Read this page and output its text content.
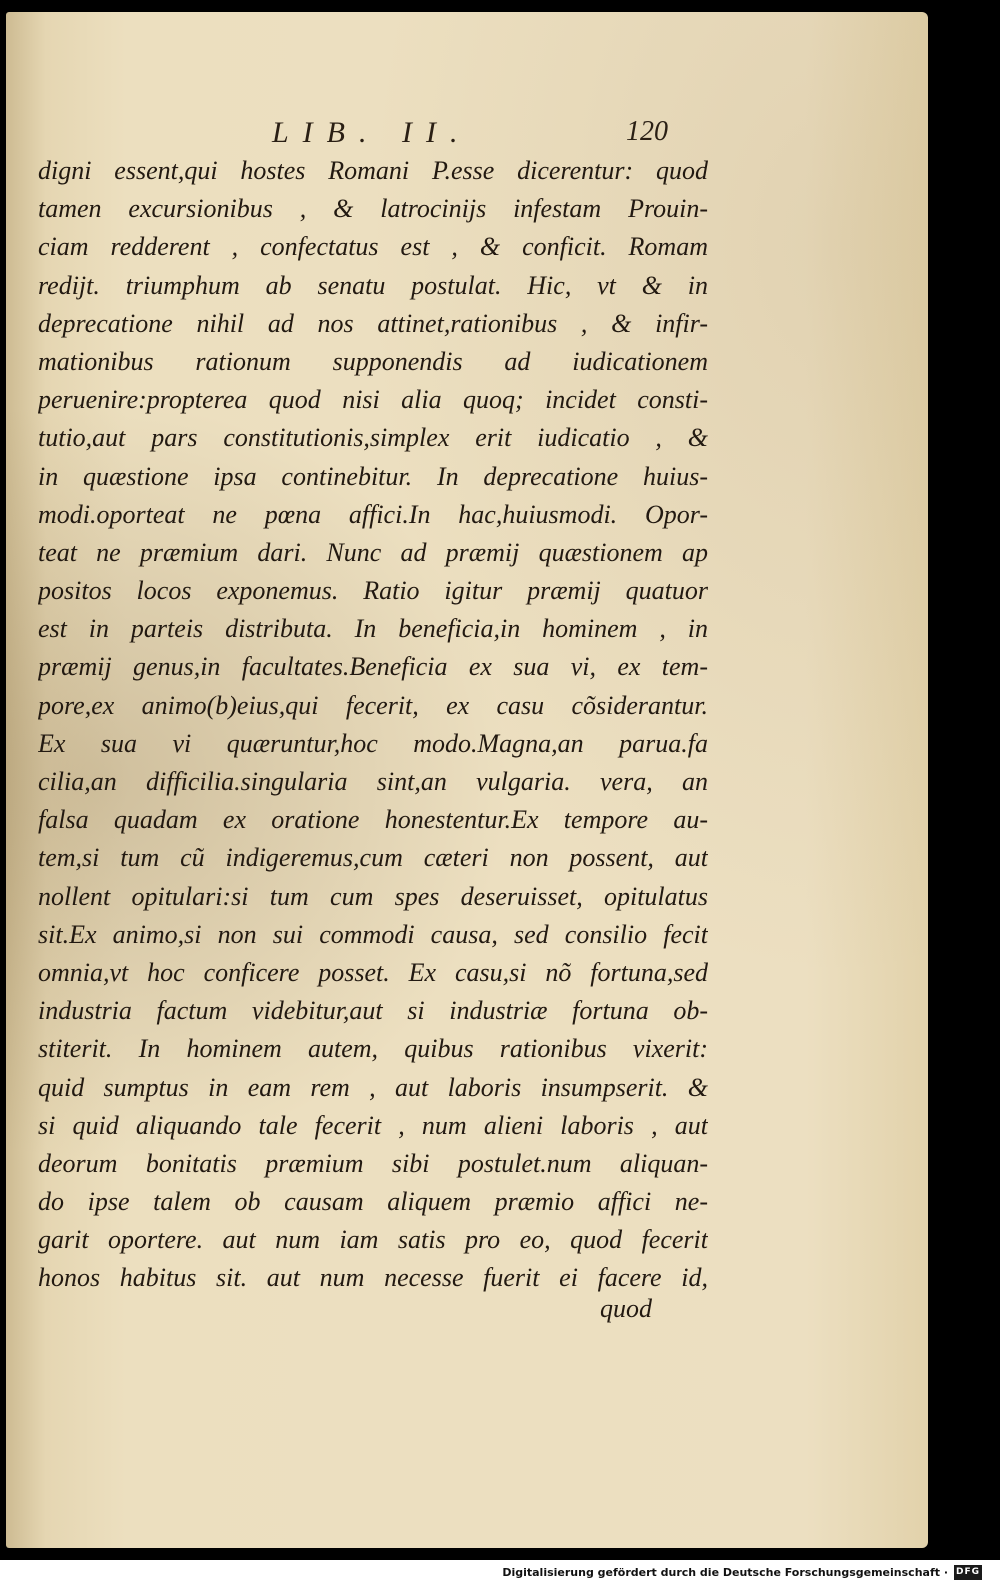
LIB. II.	120
digni essent,qui hostes Romani P.esse dicerentur: quod
tamen excursionibus , & latrocinijs infestam Prouin-
ciam redderent , confectatus est , & conficit. Romam
redijt. triumphum ab senatu postulat. Hic, vt & in
deprecatione nihil ad nos attinet,rationibus , & infir-
mationibus rationum supponendis ad iudicationem
peruenire:propterea quod nisi alia quoq; incidet consti-
tutio,aut pars constitutionis,simplex erit iudicatio , &
in quæstione ipsa continebitur. In deprecatione huius-
modi.oporteat ne pœna affici.In hac,huiusmodi. Opor-
teat ne præmium dari. Nunc ad præmij quæstionem ap
positos locos exponemus. Ratio igitur præmij quatuor
est in parteis distributa. In beneficia,in hominem , in
præmij genus,in facultates.Beneficia ex sua vi, ex tem-
pore,ex animo(b)eius,qui fecerit, ex casu cõsiderantur.
Ex sua vi quæruntur,hoc modo.Magna,an parua.fa
cilia,an difficilia.singularia sint,an vulgaria. vera, an
falsa quadam ex oratione honestentur.Ex tempore au-
tem,si tum cũ indigeremus,cum cæteri non possent, aut
nollent opitulari:si tum cum spes deseruisset, opitulatus
sit.Ex animo,si non sui commodi causa, sed consilio fecit
omnia,vt hoc conficere posset. Ex casu,si nõ fortuna,sed
industria factum videbitur,aut si industriæ fortuna ob-
stiterit. In hominem autem, quibus rationibus vixerit:
quid sumptus in eam rem , aut laboris insumpserit. &
si quid aliquando tale fecerit , num alieni laboris , aut
deorum bonitatis præmium sibi postulet.num aliquan-
do ipse talem ob causam aliquem præmio affici ne-
garit oportere. aut num iam satis pro eo, quod fecerit
honos habitus sit. aut num necesse fuerit ei facere id,
quod
Digitalisierung gefördert durch die Deutsche Forschungsgemeinschaft · DFG
